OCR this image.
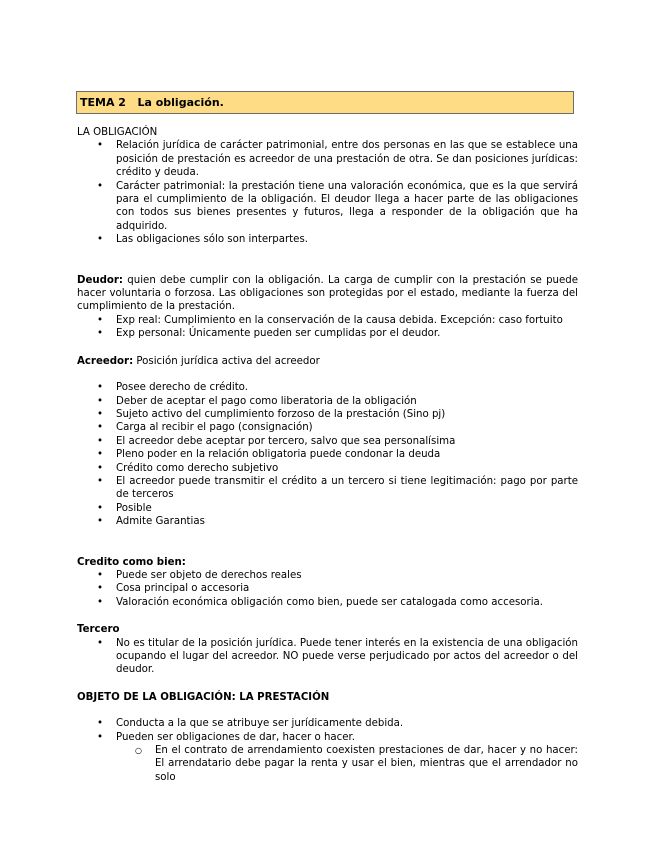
TEMA 2 La obligación.

LA OBLIGACIÓN

• Relación jurídica de carácter patrimonial, entre dos personas en las que se establece una posición de prestación es acreedor de una prestación de otra. Se dan posiciones jurídicas: crédito y deuda.
• Carácter patrimonial: la prestación tiene una valoración económica, que es la que servirá para el cumplimiento de la obligación. El deudor llega a hacer parte de las obligaciones con todos sus bienes presentes y futuros, llega a responder de la obligación que ha adquirido.
• Las obligaciones sólo son interpartes.

Deudor: quien debe cumplir con la obligación. La carga de cumplir con la prestación se puede hacer voluntaria o forzosa. Las obligaciones son protegidas por el estado, mediante la fuerza del cumplimiento de la prestación.

• Exp real: Cumplimiento en la conservación de la causa debida. Excepción: caso fortuito
• Exp personal: Únicamente pueden ser cumplidas por el deudor.

Acreedor: Posición jurídica activa del acreedor

• Posee derecho de crédito.
• Deber de aceptar el pago como liberatoria de la obligación
• Sujeto activo del cumplimiento forzoso de la prestación (Sino pj)
• Carga al recibir el pago (consignación)
• El acreedor debe aceptar por tercero, salvo que sea personalísima
• Pleno poder en la relación obligatoria puede condonar la deuda
• Crédito como derecho subjetivo
• El acreedor puede transmitir el crédito a un tercero si tiene legitimación: pago por parte de terceros
• Posible
• Admite Garantias

Credito como bien:

• Puede ser objeto de derechos reales
• Cosa principal o accesoria
• Valoración económica obligación como bien, puede ser catalogada como accesoria.

Tercero

• No es titular de la posición jurídica. Puede tener interés en la existencia de una obligación ocupando el lugar del acreedor. NO puede verse perjudicado por actos del acreedor o del deudor.

OBJETO DE LA OBLIGACIÓN: LA PRESTACIÓN

• Conducta a la que se atribuye ser jurídicamente debida.
• Pueden ser obligaciones de dar, hacer o hacer.
○ En el contrato de arrendamiento coexisten prestaciones de dar, hacer y no hacer: El arrendatario debe pagar la renta y usar el bien, mientras que el arrendador no solo
